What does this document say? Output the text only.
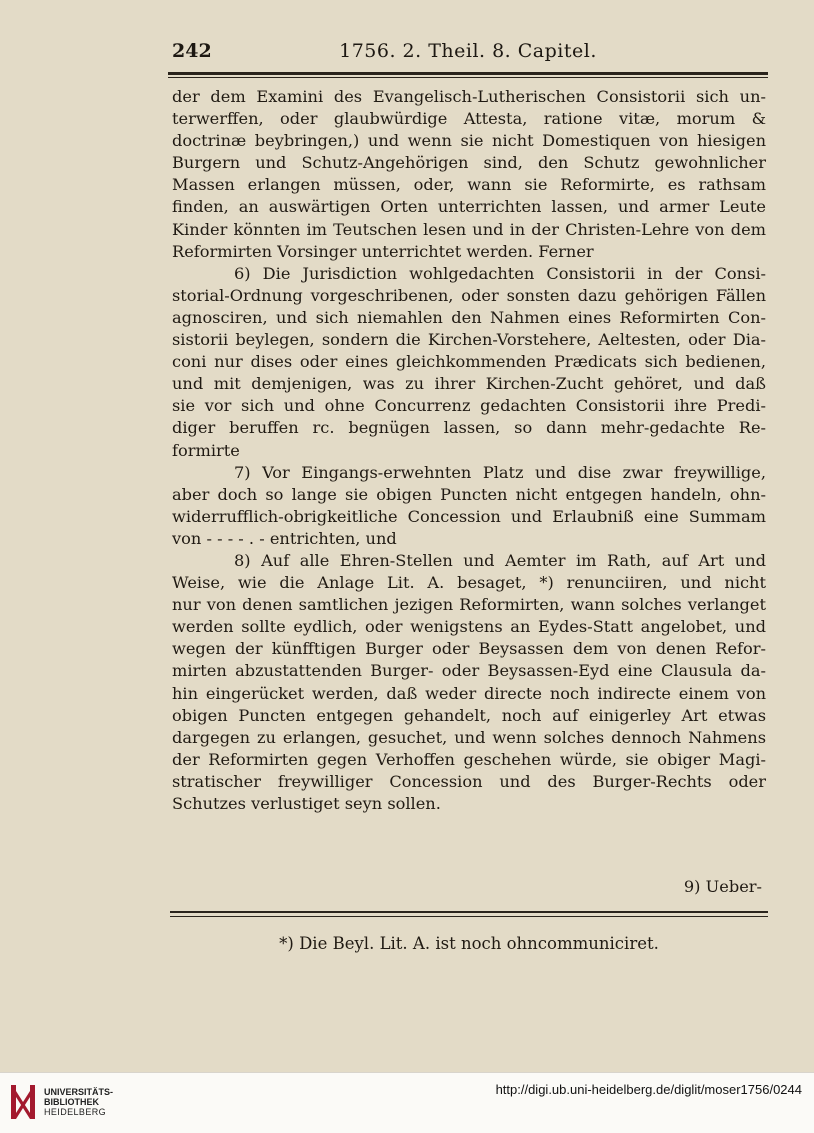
242	1756. 2. Theil. 8. Capitel.

der dem Examini des Evangelisch-Lutherischen Consistorii sich un-

terwerffen, oder glaubwürdige Attesta, ratione vitæ, morum &

doctrinæ beybringen,) und wenn sie nicht Domestiquen von hiesigen

Burgern und Schutz-Angehörigen sind, den Schutz gewohnlicher

Massen erlangen müssen, oder, wann sie Reformirte, es rathsam

finden, an auswärtigen Orten unterrichten lassen, und armer Leute

Kinder könnten im Teutschen lesen und in der Christen-Lehre von dem

Reformirten Vorsinger unterrichtet werden. Ferner

6) Die Jurisdiction wohlgedachten Consistorii in der Consi-

storial-Ordnung vorgeschribenen, oder sonsten dazu gehörigen Fällen

agnosciren, und sich niemahlen den Nahmen eines Reformirten Con-

sistorii beylegen, sondern die Kirchen-Vorstehere, Aeltesten, oder Dia-

coni nur dises oder eines gleichkommenden Prædicats sich bedienen,

und mit demjenigen, was zu ihrer Kirchen-Zucht gehöret, und daß

sie vor sich und ohne Concurrenz gedachten Consistorii ihre Predi-

diger beruffen rc. begnügen lassen, so dann mehr-gedachte Re-

formirte

7) Vor Eingangs-erwehnten Platz und dise zwar freywillige,

aber doch so lange sie obigen Puncten nicht entgegen handeln, ohn-

widerrufflich-obrigkeitliche Concession und Erlaubniß eine Summam

von - - - - . - entrichten, und

8) Auf alle Ehren-Stellen und Aemter im Rath, auf Art und

Weise, wie die Anlage Lit. A. besaget, *) renunciiren, und nicht

nur von denen samtlichen jezigen Reformirten, wann solches verlanget

werden sollte eydlich, oder wenigstens an Eydes-Statt angelobet, und

wegen der künfftigen Burger oder Beysassen dem von denen Refor-

mirten abzustattenden Burger- oder Beysassen-Eyd eine Clausula da-

hin eingerücket werden, daß weder directe noch indirecte einem von

obigen Puncten entgegen gehandelt, noch auf einigerley Art etwas

dargegen zu erlangen, gesuchet, und wenn solches dennoch Nahmens

der Reformirten gegen Verhoffen geschehen würde, sie obiger Magi-

stratischer freywilliger Concession und des Burger-Rechts oder

Schutzes verlustiget seyn sollen.

9) Ueber-
*) Die Beyl. Lit. A. ist noch ohncommuniciret.
UNIVERSITÄTS-
BIBLIOTHEK
HEIDELBERG
http://digi.ub.uni-heidelberg.de/diglit/moser1756/0244
